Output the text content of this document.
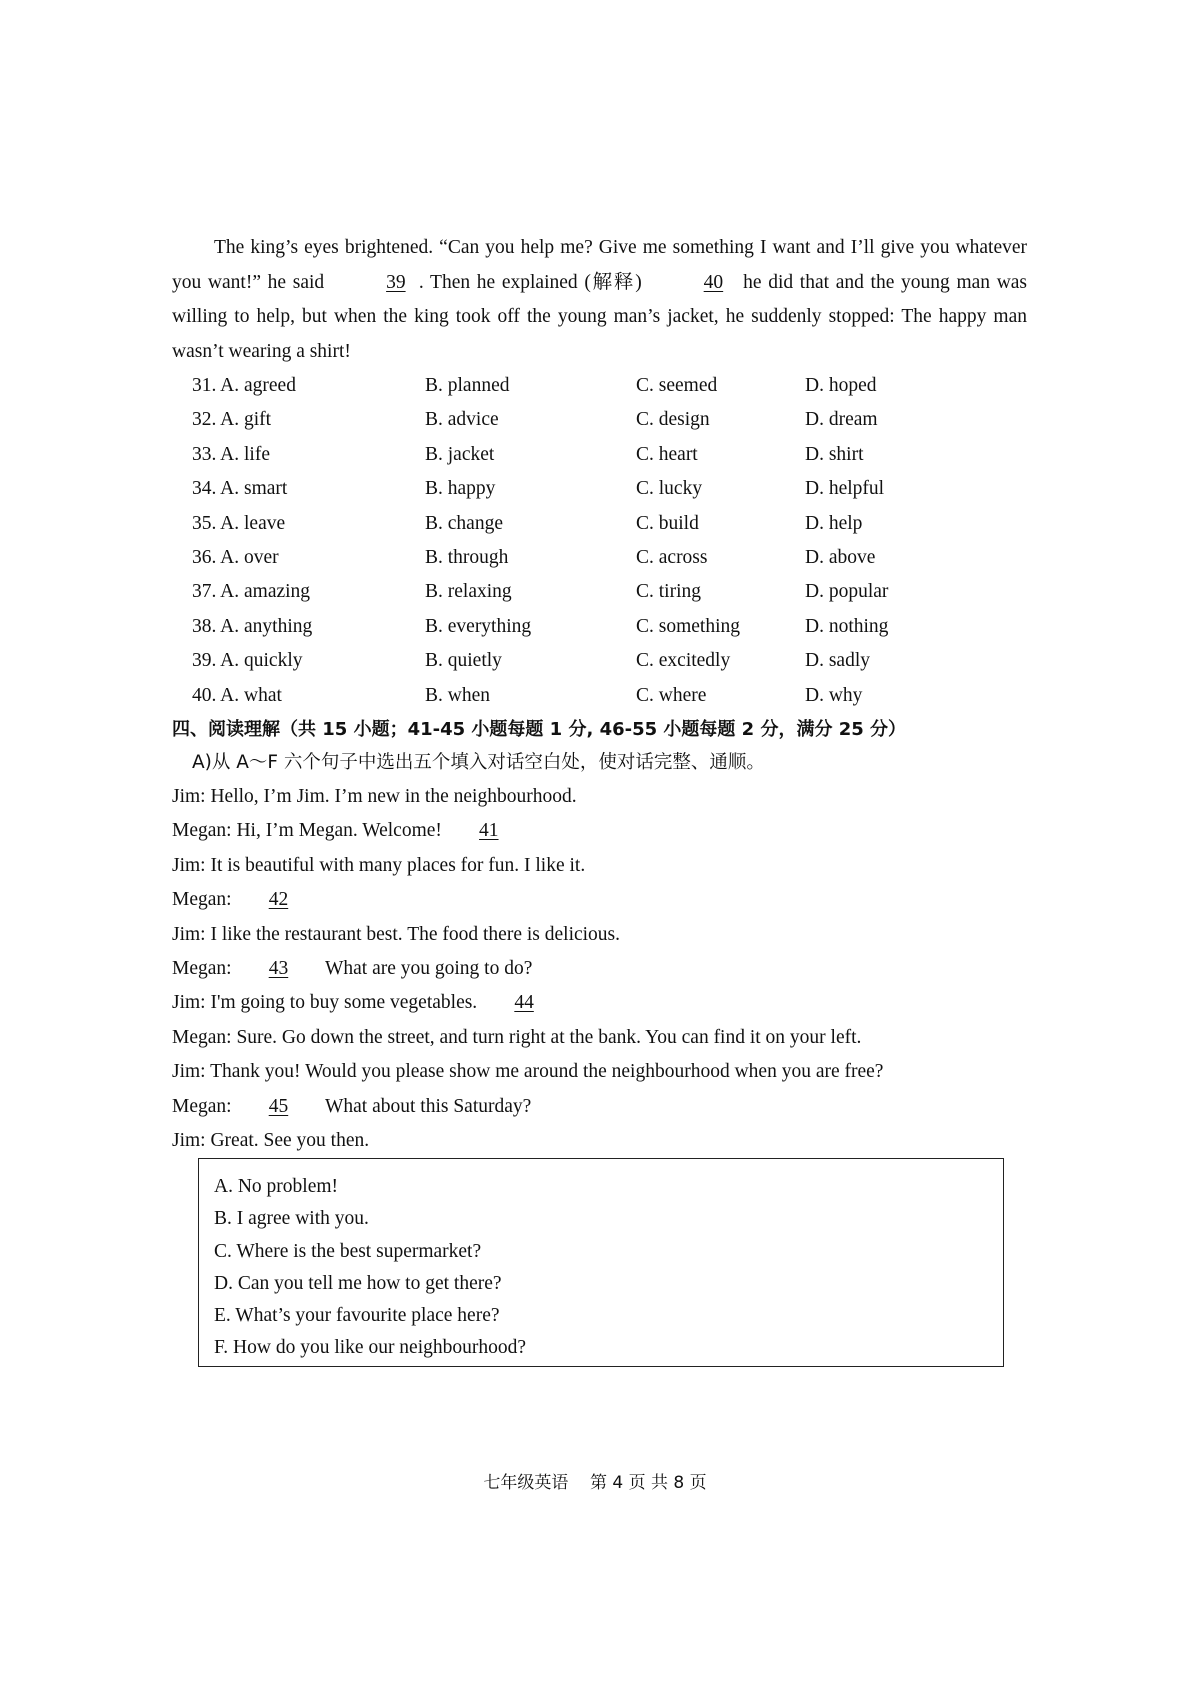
The king’s eyes brightened. “Can you help me? Give me something I want and I’ll give you whatever you want!” he said	39 . Then he explained (解释)	40 he did that and the young man was willing to help, but when the king took off the young man’s jacket, he suddenly stopped: The happy man wasn’t wearing a shirt!

31. A. agreed	B. planned	C. seemed	D. hoped
32. A. gift	B. advice	C. design	D. dream
33. A. life	B. jacket	C. heart	D. shirt
34. A. smart	B. happy	C. lucky	D. helpful
35. A. leave	B. change	C. build	D. help
36. A. over	B. through	C. across	D. above
37. A. amazing	B. relaxing	C. tiring	D. popular
38. A. anything	B. everything	C. something	D. nothing
39. A. quickly	B. quietly	C. excitedly	D. sadly
40. A. what	B. when	C. where	D. why
四、阅读理解（共 15 小题；41-45 小题每题 1 分, 46-55 小题每题 2 分，满分 25 分）
A)从 A～F 六个句子中选出五个填入对话空白处，使对话完整、通顺。
Jim: Hello, I’m Jim. I’m new in the neighbourhood.
Megan: Hi, I’m Megan. Welcome! 41
Jim: It is beautiful with many places for fun. I like it.
Megan: 42
Jim: I like the restaurant best. The food there is delicious.
Megan: 43 What are you going to do?
Jim: I'm going to buy some vegetables. 44
Megan: Sure. Go down the street, and turn right at the bank. You can find it on your left.
Jim: Thank you! Would you please show me around the neighbourhood when you are free?
Megan: 45 What about this Saturday?
Jim: Great. See you then.
A. No problem!
B. I agree with you.
C. Where is the best supermarket?
D. Can you tell me how to get there?
E. What’s your favourite place here?
F. How do you like our neighbourhood?
七年级英语    第 4 页 共 8 页
